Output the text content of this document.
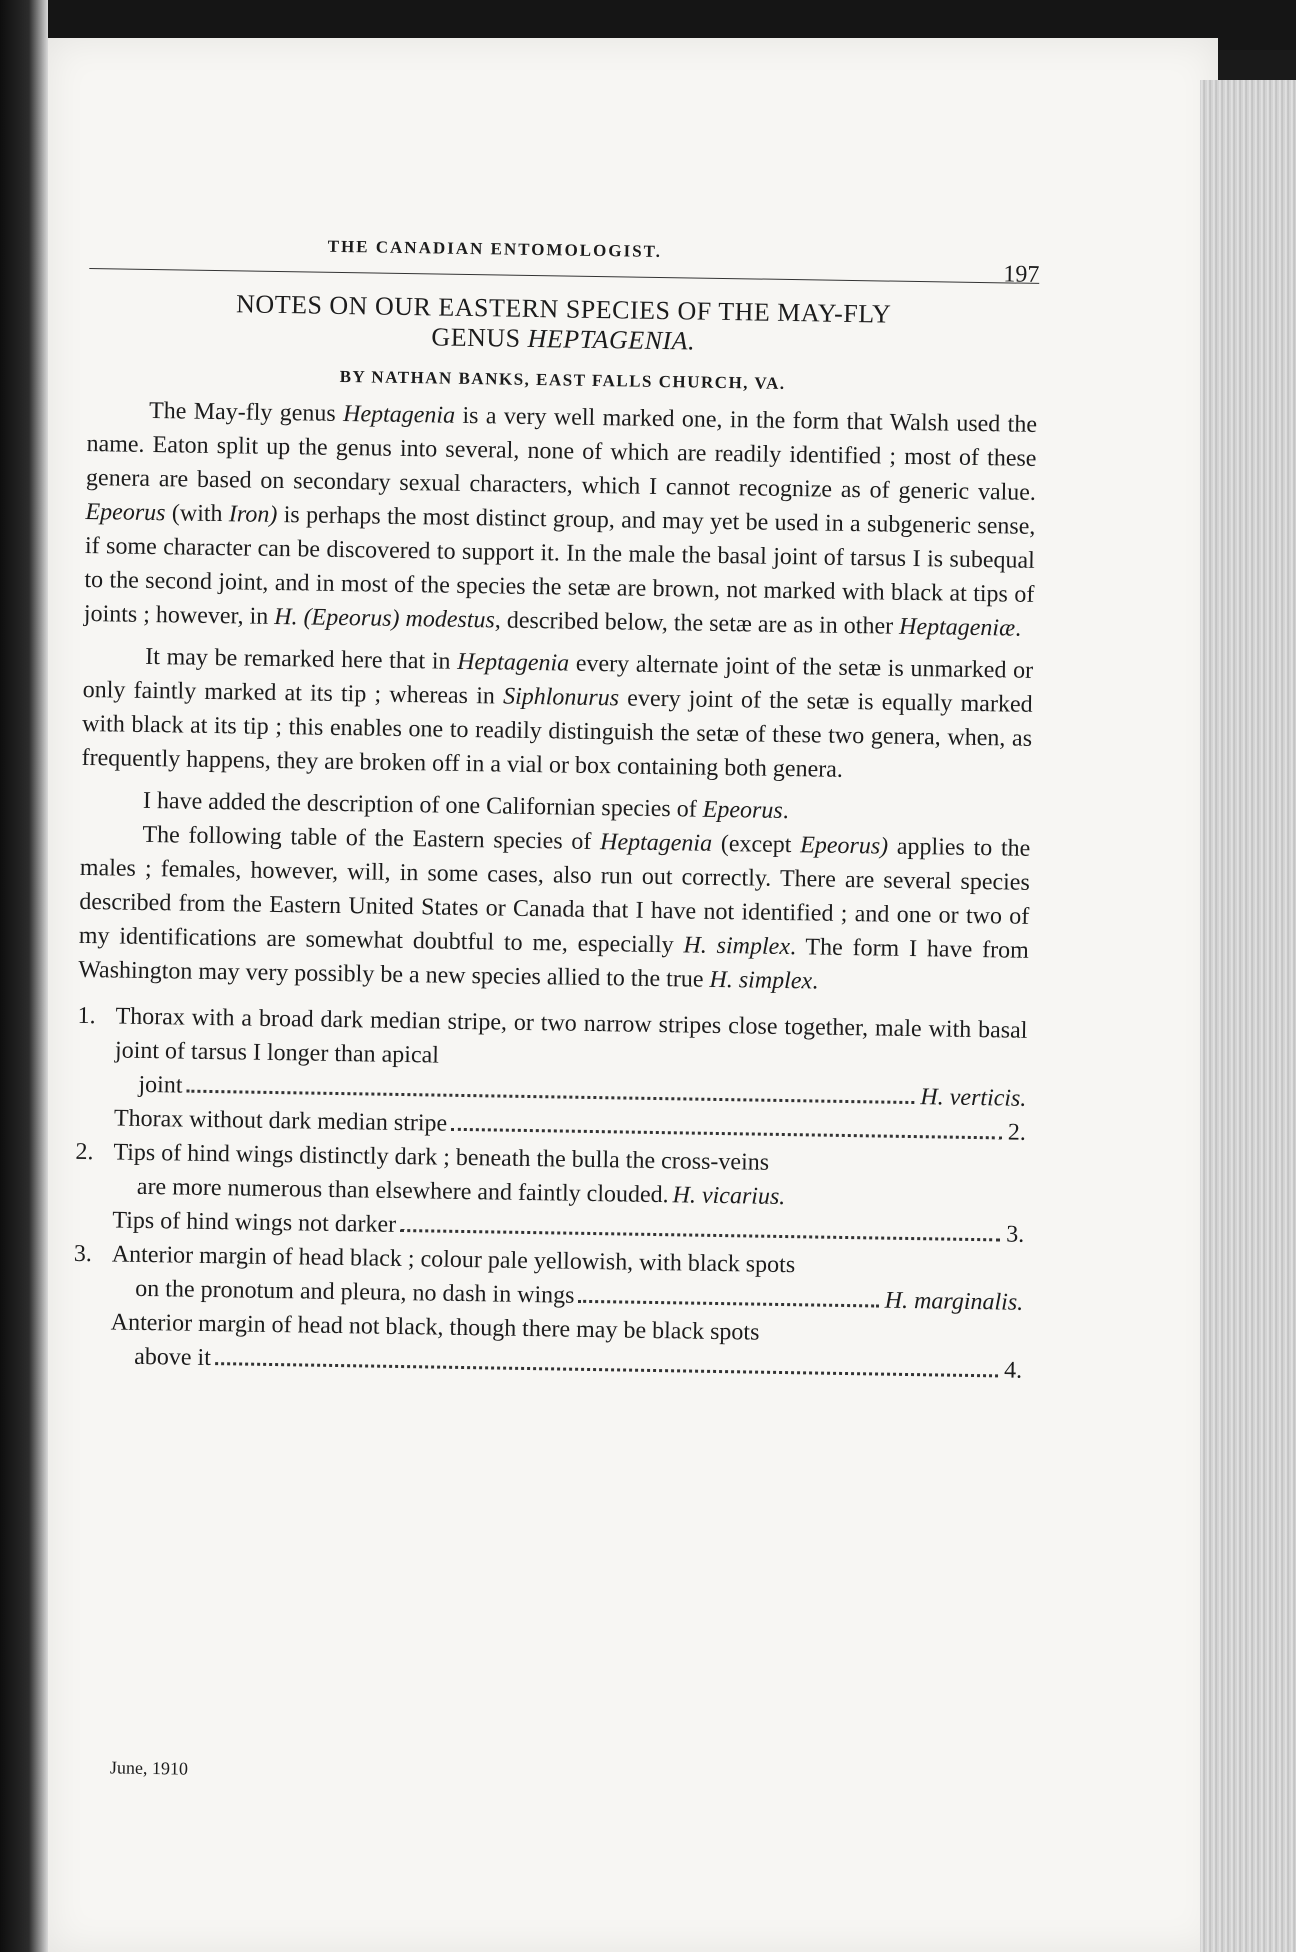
THE CANADIAN ENTOMOLOGIST.
197
NOTES ON OUR EASTERN SPECIES OF THE MAY-FLY
GENUS HEPTAGENIA.
BY NATHAN BANKS, EAST FALLS CHURCH, VA.

The May-fly genus Heptagenia is a very well marked one, in the form that Walsh used the name. Eaton split up the genus into several, none of which are readily identified ; most of these genera are based on secondary sexual characters, which I cannot recognize as of generic value. Epeorus (with Iron) is perhaps the most distinct group, and may yet be used in a subgeneric sense, if some character can be discovered to support it. In the male the basal joint of tarsus I is subequal to the second joint, and in most of the species the setæ are brown, not marked with black at tips of joints ; however, in H. (Epeorus) modestus, described below, the setæ are as in other Heptageniæ.

It may be remarked here that in Heptagenia every alternate joint of the setæ is unmarked or only faintly marked at its tip ; whereas in Siphlonurus every joint of the setæ is equally marked with black at its tip ; this enables one to readily distinguish the setæ of these two genera, when, as frequently happens, they are broken off in a vial or box containing both genera.

I have added the description of one Californian species of Epeorus.

The following table of the Eastern species of Heptagenia (except Epeorus) applies to the males ; females, however, will, in some cases, also run out correctly. There are several species described from the Eastern United States or Canada that I have not identified ; and one or two of my identifications are somewhat doubtful to me, especially H. simplex. The form I have from Washington may very possibly be a new species allied to the true H. simplex.

1. Thorax with a broad dark median stripe, or two narrow stripes close together, male with basal joint of tarsus I longer than apical
joint	H. verticis.
Thorax without dark median stripe	2.
2. Tips of hind wings distinctly dark ; beneath the bulla the cross-veins
are more numerous than elsewhere and faintly clouded. H. vicarius.
Tips of hind wings not darker	3.
3. Anterior margin of head black ; colour pale yellowish, with black spots
on the pronotum and pleura, no dash in wings	H. marginalis.
Anterior margin of head not black, though there may be black spots
above it	4.
June, 1910
